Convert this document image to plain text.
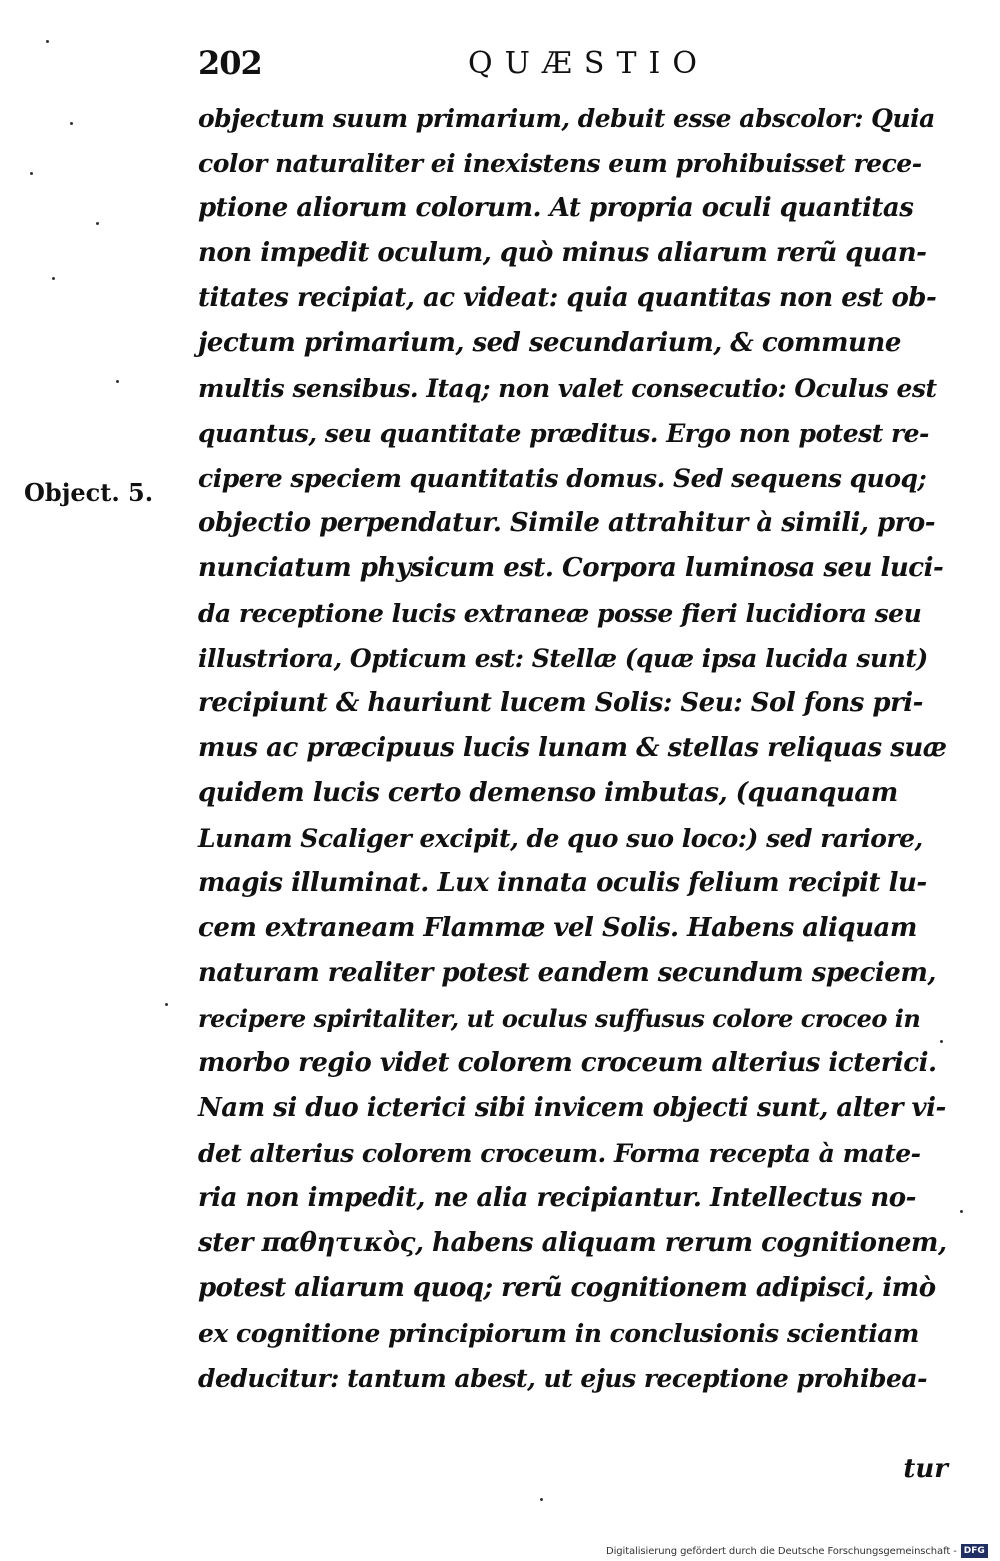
202	QUÆSTIO
Object. 5.
objectum suum primarium, debuit esse abscolor: Quia
color naturaliter ei inexistens eum prohibuisset rece-
ptione aliorum colorum. At propria oculi quantitas
non impedit oculum, quò minus aliarum rerũ quan-
titates recipiat, ac videat: quia quantitas non est ob-
jectum primarium, sed secundarium, & commune
multis sensibus. Itaq; non valet consecutio: Oculus est
quantus, seu quantitate præditus. Ergo non potest re-
cipere speciem quantitatis domus. Sed sequens quoq;
objectio perpendatur. Simile attrahitur à simili, pro-
nunciatum physicum est. Corpora luminosa seu luci-
da receptione lucis extraneæ posse fieri lucidiora seu
illustriora, Opticum est: Stellæ (quæ ipsa lucida sunt)
recipiunt & hauriunt lucem Solis: Seu: Sol fons pri-
mus ac præcipuus lucis lunam & stellas reliquas suæ
quidem lucis certo demenso imbutas, (quanquam
Lunam Scaliger excipit, de quo suo loco:) sed rariore,
magis illuminat. Lux innata oculis felium recipit lu-
cem extraneam Flammæ vel Solis. Habens aliquam
naturam realiter potest eandem secundum speciem,
recipere spiritaliter, ut oculus suffusus colore croceo in
morbo regio videt colorem croceum alterius icterici.
Nam si duo icterici sibi invicem objecti sunt, alter vi-
det alterius colorem croceum. Forma recepta à mate-
ria non impedit, ne alia recipiantur. Intellectus no-
ster παθητικὸς, habens aliquam rerum cognitionem,
potest aliarum quoq; rerũ cognitionem adipisci, imò
ex cognitione principiorum in conclusionis scientiam
deducitur: tantum abest, ut ejus receptione prohibea-
tur
Digitalisierung gefördert durch die Deutsche Forschungsgemeinschaft - DFG
